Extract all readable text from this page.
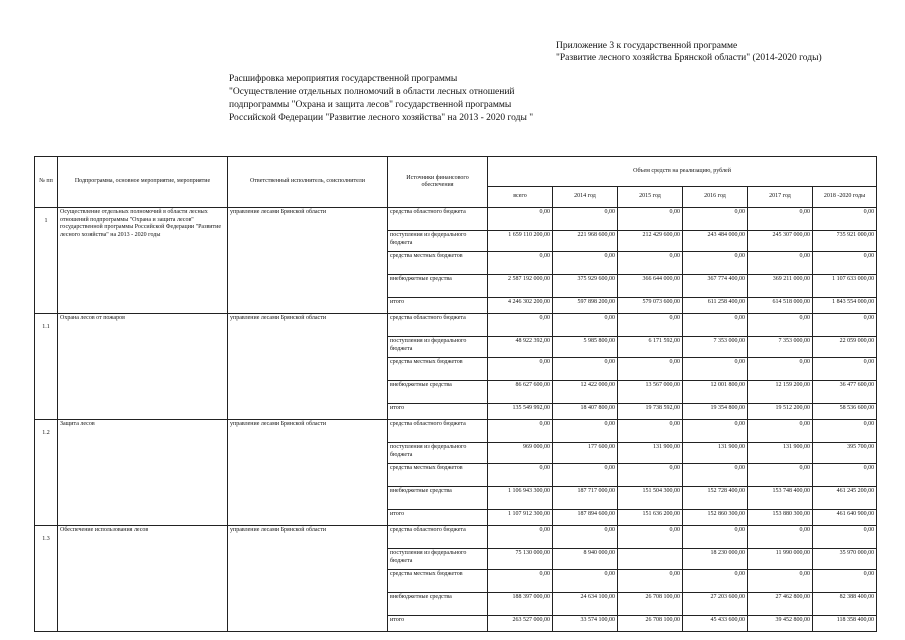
Приложение 3 к государственной программе
"Развитие лесного хозяйства Брянской области" (2014-2020 годы)
Расшифровка мероприятия государственной программы
"Осуществление отдельных полномочий в области лесных отношений
подпрограммы "Охрана и защита лесов" государственной программы
Российской Федерации "Развитие лесного хозяйства" на 2013 - 2020 годы "
№ пп	Подпрограмма, основное мероприятие, мероприятие	Ответственный исполнитель, соисполнители	Источники финансового обеспечения	Объем средств на реализацию, рублей					
				всего	2014 год	2015 год	2016 год	2017 год	2018 -2020 годы
1	Осуществление отдельных полномочий в области лесных отношений подпрограммы "Охрана и защита лесов" государственной программы Российской Федерации "Развитие лесного хозяйства" на 2013 - 2020 годы	управление лесами Брянской области	средства областного бюджета	0,00	0,00	0,00	0,00	0,00	0,00
			поступления из федерального бюджета	1 659 110 200,00	221 968 600,00	212 429 600,00	243 484 000,00	245 307 000,00	735 921 000,00
			средства местных бюджетов	0,00	0,00	0,00	0,00	0,00	0,00
			внебюджетные средства	2 587 192 000,00	375 929 600,00	366 644 000,00	367 774 400,00	369 211 000,00	1 107 633 000,00
			итого	4 246 302 200,00	597 898 200,00	579 073 600,00	611 258 400,00	614 518 000,00	1 843 554 000,00
1.1	Охрана лесов от пожаров	управление лесами Брянской области	средства областного бюджета	0,00	0,00	0,00	0,00	0,00	0,00
			поступления из федерального бюджета	48 922 392,00	5 985 800,00	6 171 592,00	7 353 000,00	7 353 000,00	22 059 000,00
			средства местных бюджетов	0,00	0,00	0,00	0,00	0,00	0,00
			внебюджетные средства	86 627 600,00	12 422 000,00	13 567 000,00	12 001 800,00	12 159 200,00	36 477 600,00
			итого	135 549 992,00	18 407 800,00	19 738 592,00	19 354 800,00	19 512 200,00	58 536 600,00
1.2	Защита лесов	управление лесами Брянской области	средства областного бюджета	0,00	0,00	0,00	0,00	0,00	0,00
			поступления из федерального бюджета	969 000,00	177 600,00	131 900,00	131 900,00	131 900,00	395 700,00
			средства местных бюджетов	0,00	0,00	0,00	0,00	0,00	0,00
			внебюджетные средства	1 106 943 300,00	187 717 000,00	151 504 300,00	152 728 400,00	153 748 400,00	461 245 200,00
			итого	1 107 912 300,00	187 894 600,00	151 636 200,00	152 860 300,00	153 880 300,00	461 640 900,00
1.3	Обеспечение использования лесов	управление лесами Брянской области	средства областного бюджета	0,00	0,00	0,00	0,00	0,00	0,00
			поступления из федерального бюджета	75 130 000,00	8 940 000,00		18 230 000,00	11 990 000,00	35 970 000,00
			средства местных бюджетов	0,00	0,00	0,00	0,00	0,00	0,00
			внебюджетные средства	188 397 000,00	24 634 100,00	26 708 100,00	27 203 600,00	27 462 800,00	82 388 400,00
			итого	263 527 000,00	33 574 100,00	26 708 100,00	45 433 600,00	39 452 800,00	118 358 400,00
